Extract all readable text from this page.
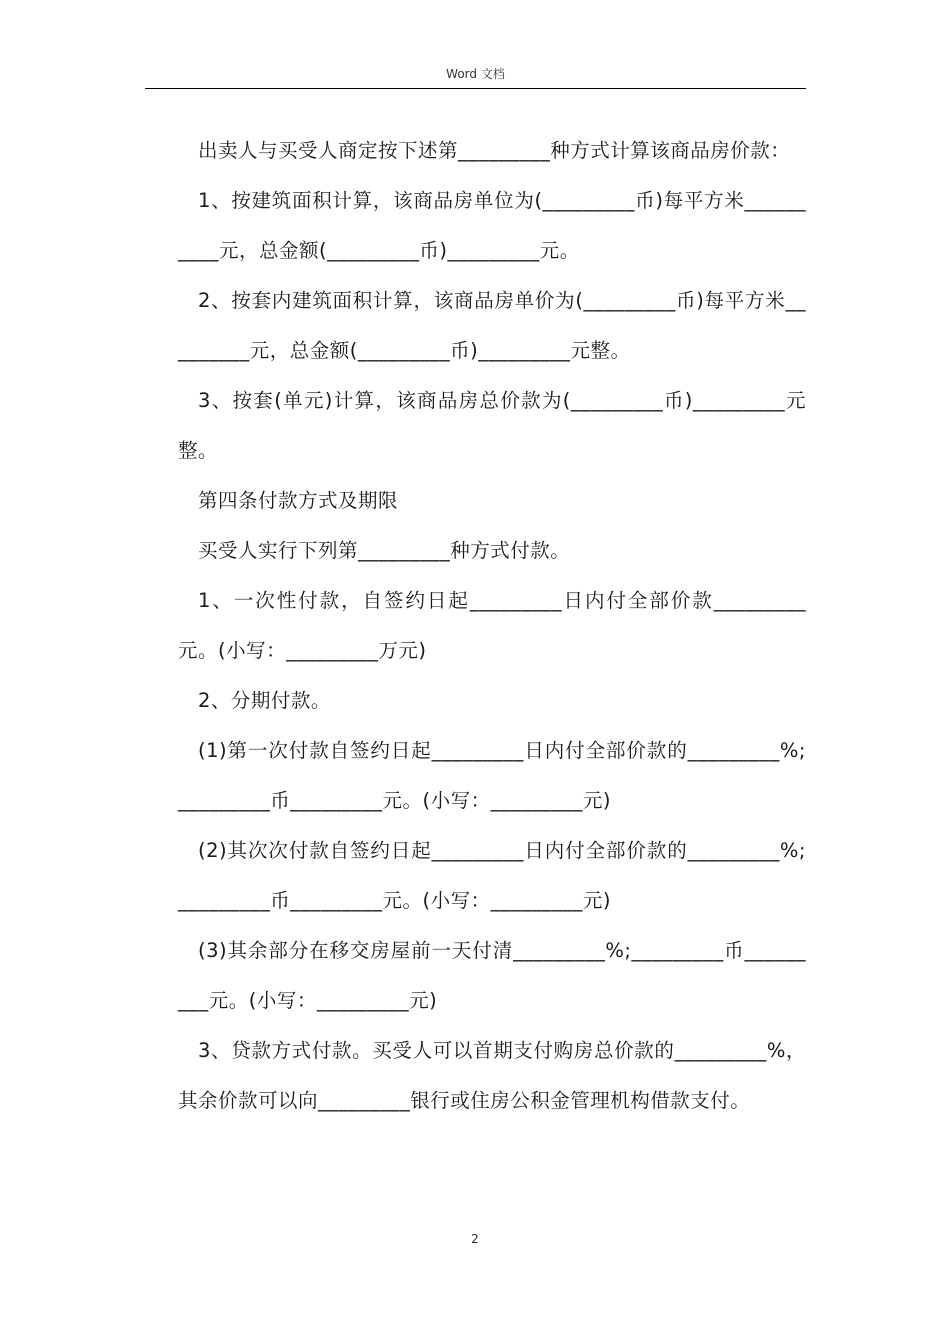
Word 文档

出卖人与买受人商定按下述第_________种方式计算该商品房价款：

1、按建筑面积计算，该商品房单位为(_________币)每平方米__________元，总金额(_________币)_________元。

2、按套内建筑面积计算，该商品房单价为(_________币)每平方米_________元，总金额(_________币)_________元整。

3、按套(单元)计算，该商品房总价款为(_________币)_________元整。

第四条付款方式及期限

买受人实行下列第_________种方式付款。

1、一次性付款，自签约日起_________日内付全部价款_________元。(小写：_________万元)

2、分期付款。

(1)第一次付款自签约日起_________日内付全部价款的_________%;_________币_________元。(小写：_________元)

(2)其次次付款自签约日起_________日内付全部价款的_________%;_________币_________元。(小写：_________元)

(3)其余部分在移交房屋前一天付清_________%;_________币_________元。(小写：_________元)

3、贷款方式付款。买受人可以首期支付购房总价款的_________%，其余价款可以向_________银行或住房公积金管理机构借款支付。

2
